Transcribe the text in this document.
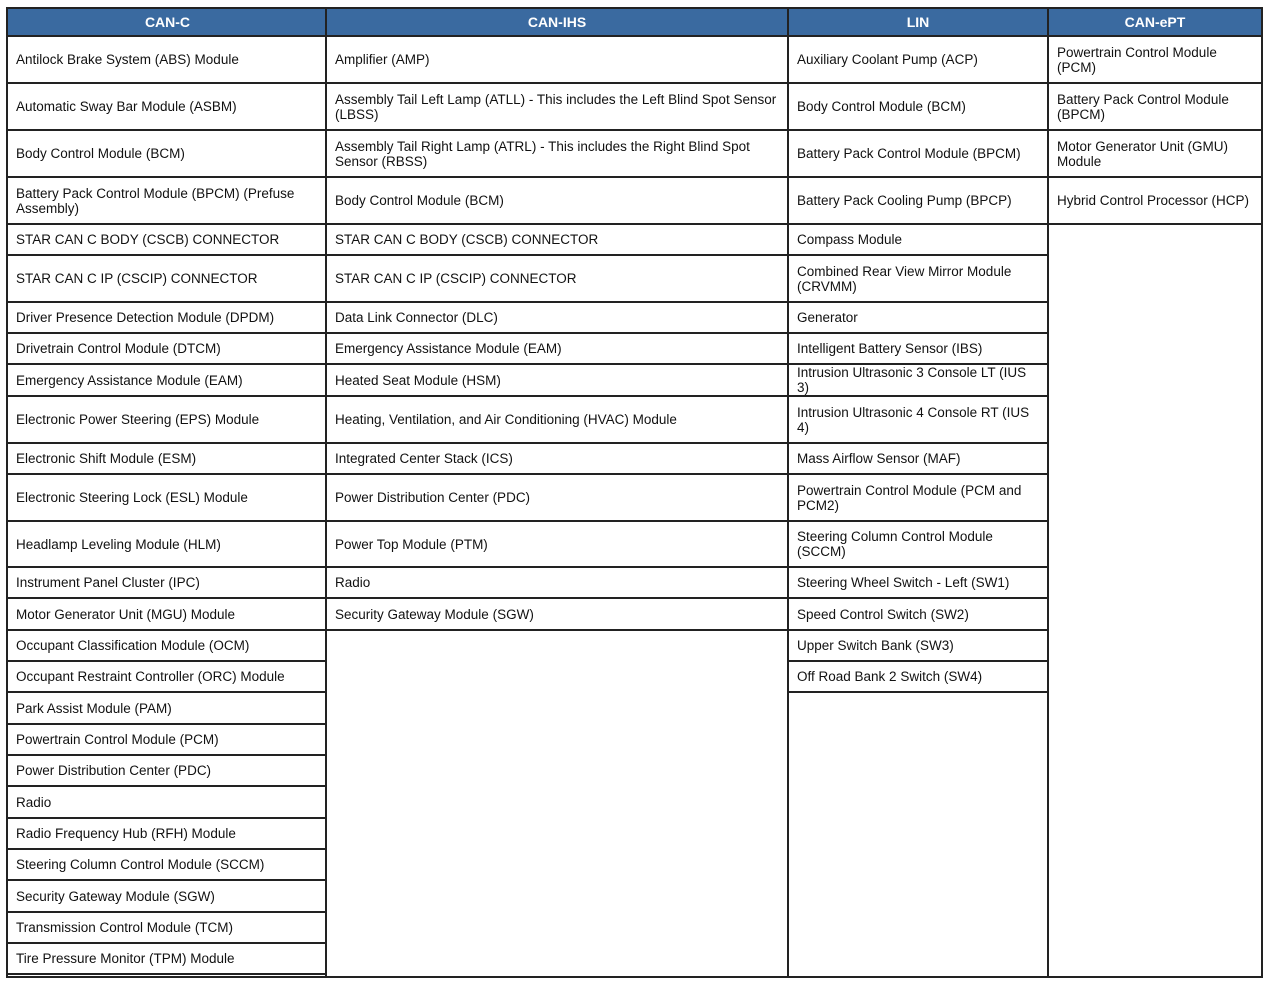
CAN-C
Antilock Brake System (ABS) Module
Automatic Sway Bar Module (ASBM)
Body Control Module (BCM)
Battery Pack Control Module (BPCM) (Prefuse Assembly)
STAR CAN C BODY (CSCB) CONNECTOR
STAR CAN C IP (CSCIP) CONNECTOR
Driver Presence Detection Module (DPDM)
Drivetrain Control Module (DTCM)
Emergency Assistance Module (EAM)
Electronic Power Steering (EPS) Module
Electronic Shift Module (ESM)
Electronic Steering Lock (ESL) Module
Headlamp Leveling Module (HLM)
Instrument Panel Cluster (IPC)
Motor Generator Unit (MGU) Module
Occupant Classification Module (OCM)
Occupant Restraint Controller (ORC) Module
Park Assist Module (PAM)
Powertrain Control Module (PCM)
Power Distribution Center (PDC)
Radio
Radio Frequency Hub (RFH) Module
Steering Column Control Module (SCCM)
Security Gateway Module (SGW)
Transmission Control Module (TCM)
Tire Pressure Monitor (TPM) Module
CAN-IHS
Amplifier (AMP)
Assembly Tail Left Lamp (ATLL) - This includes the Left Blind Spot Sensor (LBSS)
Assembly Tail Right Lamp (ATRL) - This includes the Right Blind Spot Sensor (RBSS)
Body Control Module (BCM)
STAR CAN C BODY (CSCB) CONNECTOR
STAR CAN C IP (CSCIP) CONNECTOR
Data Link Connector (DLC)
Emergency Assistance Module (EAM)
Heated Seat Module (HSM)
Heating, Ventilation, and Air Conditioning (HVAC) Module
Integrated Center Stack (ICS)
Power Distribution Center (PDC)
Power Top Module (PTM)
Radio
Security Gateway Module (SGW)
LIN
Auxiliary Coolant Pump (ACP)
Body Control Module (BCM)
Battery Pack Control Module (BPCM)
Battery Pack Cooling Pump (BPCP)
Compass Module
Combined Rear View Mirror Module (CRVMM)
Generator
Intelligent Battery Sensor (IBS)
Intrusion Ultrasonic 3 Console LT (IUS 3)
Intrusion Ultrasonic 4 Console RT (IUS 4)
Mass Airflow Sensor (MAF)
Powertrain Control Module (PCM and PCM2)
Steering Column Control Module (SCCM)
Steering Wheel Switch - Left (SW1)
Speed Control Switch (SW2)
Upper Switch Bank (SW3)
Off Road Bank 2 Switch (SW4)
CAN-ePT
Powertrain Control Module (PCM)
Battery Pack Control Module (BPCM)
Motor Generator Unit (GMU) Module
Hybrid Control Processor (HCP)
